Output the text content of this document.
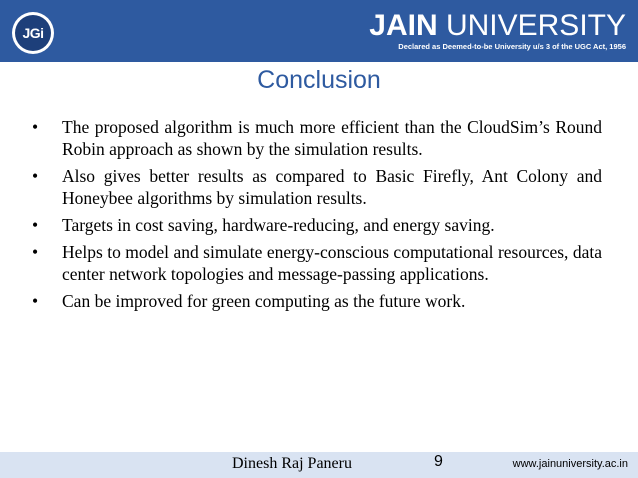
JGi	JAIN UNIVERSITY
Declared as Deemed-to-be University u/s 3 of the UGC Act, 1956
Conclusion
• The proposed algorithm is much more efficient than the CloudSim’s Round Robin approach as shown by the simulation results.
• Also gives better results as compared to Basic Firefly, Ant Colony and Honeybee algorithms by simulation results.
• Targets in cost saving, hardware-reducing, and energy saving.
• Helps to model and simulate energy-conscious computational resources, data center network topologies and message-passing applications.
• Can be improved for green computing as the future work.
Dinesh Raj Paneru	9	www.jainuniversity.ac.in
